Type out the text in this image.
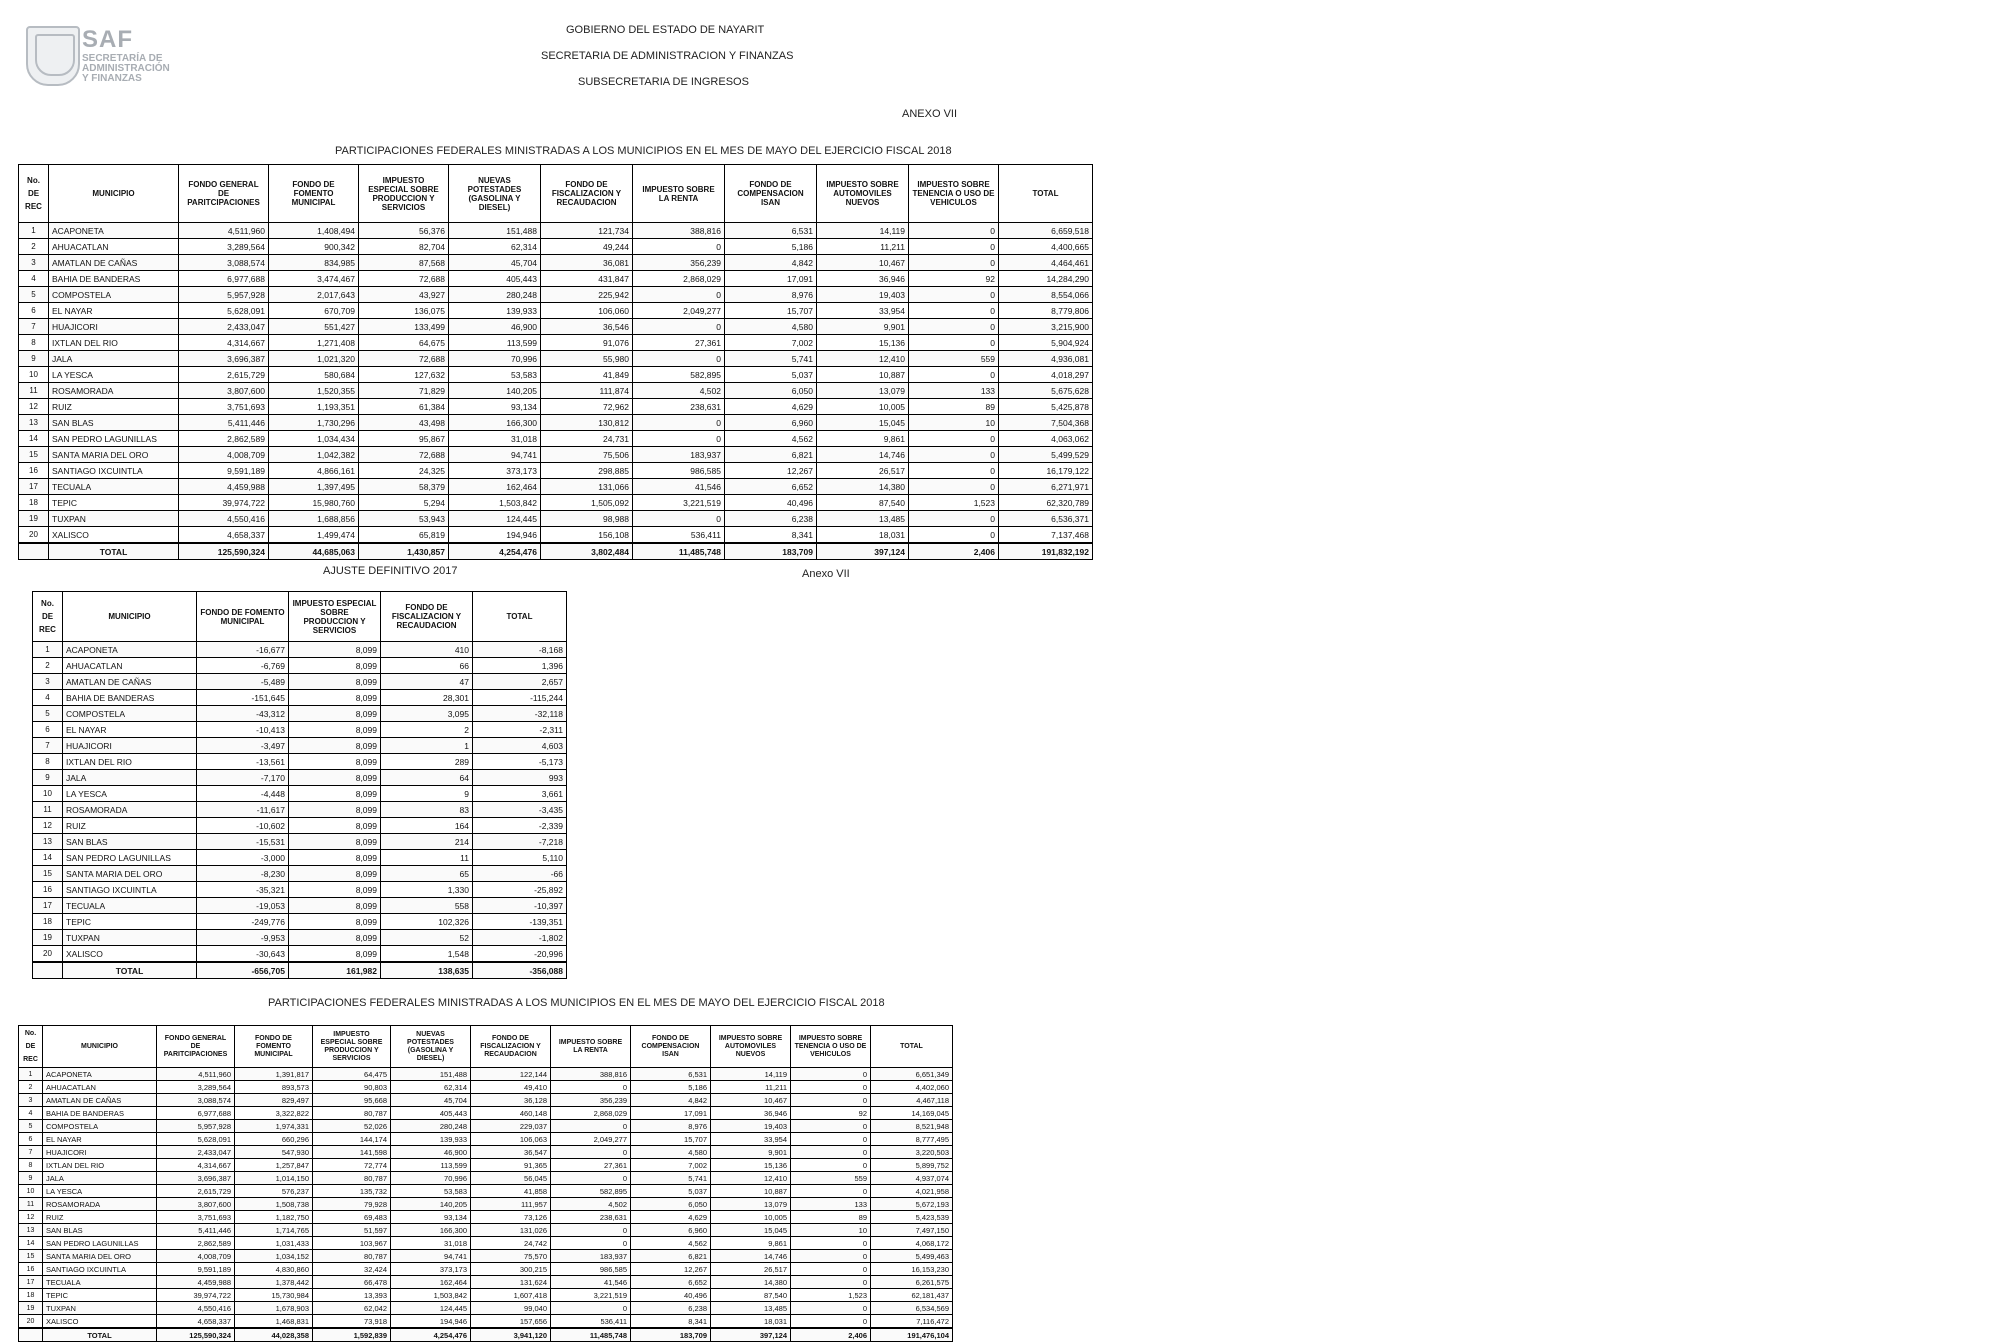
SAF
SECRETARÍA DE
ADMINISTRACIÓN
Y FINANZAS
GOBIERNO DEL ESTADO DE NAYARIT
SECRETARIA DE ADMINISTRACION Y FINANZAS
SUBSECRETARIA DE INGRESOS
ANEXO VII
PARTICIPACIONES FEDERALES MINISTRADAS A LOS MUNICIPIOS EN EL MES DE MAYO DEL EJERCICIO FISCAL 2018
No.
DE
REC	MUNICIPIO	FONDO GENERAL DE PARITCIPACIONES	FONDO DE FOMENTO MUNICIPAL	IMPUESTO ESPECIAL SOBRE PRODUCCION Y SERVICIOS	NUEVAS POTESTADES (GASOLINA Y DIESEL)	FONDO DE FISCALIZACION Y RECAUDACION	IMPUESTO SOBRE LA RENTA	FONDO DE COMPENSACION ISAN	IMPUESTO SOBRE AUTOMOVILES NUEVOS	IMPUESTO SOBRE TENENCIA O USO DE VEHICULOS	TOTAL
1	ACAPONETA	4,511,960	1,408,494	56,376	151,488	121,734	388,816	6,531	14,119	0	6,659,518
2	AHUACATLAN	3,289,564	900,342	82,704	62,314	49,244	0	5,186	11,211	0	4,400,665
3	AMATLAN DE CAÑAS	3,088,574	834,985	87,568	45,704	36,081	356,239	4,842	10,467	0	4,464,461
4	BAHIA DE BANDERAS	6,977,688	3,474,467	72,688	405,443	431,847	2,868,029	17,091	36,946	92	14,284,290
5	COMPOSTELA	5,957,928	2,017,643	43,927	280,248	225,942	0	8,976	19,403	0	8,554,066
6	EL NAYAR	5,628,091	670,709	136,075	139,933	106,060	2,049,277	15,707	33,954	0	8,779,806
7	HUAJICORI	2,433,047	551,427	133,499	46,900	36,546	0	4,580	9,901	0	3,215,900
8	IXTLAN DEL RIO	4,314,667	1,271,408	64,675	113,599	91,076	27,361	7,002	15,136	0	5,904,924
9	JALA	3,696,387	1,021,320	72,688	70,996	55,980	0	5,741	12,410	559	4,936,081
10	LA YESCA	2,615,729	580,684	127,632	53,583	41,849	582,895	5,037	10,887	0	4,018,297
11	ROSAMORADA	3,807,600	1,520,355	71,829	140,205	111,874	4,502	6,050	13,079	133	5,675,628
12	RUIZ	3,751,693	1,193,351	61,384	93,134	72,962	238,631	4,629	10,005	89	5,425,878
13	SAN BLAS	5,411,446	1,730,296	43,498	166,300	130,812	0	6,960	15,045	10	7,504,368
14	SAN PEDRO LAGUNILLAS	2,862,589	1,034,434	95,867	31,018	24,731	0	4,562	9,861	0	4,063,062
15	SANTA MARIA DEL ORO	4,008,709	1,042,382	72,688	94,741	75,506	183,937	6,821	14,746	0	5,499,529
16	SANTIAGO IXCUINTLA	9,591,189	4,866,161	24,325	373,173	298,885	986,585	12,267	26,517	0	16,179,122
17	TECUALA	4,459,988	1,397,495	58,379	162,464	131,066	41,546	6,652	14,380	0	6,271,971
18	TEPIC	39,974,722	15,980,760	5,294	1,503,842	1,505,092	3,221,519	40,496	87,540	1,523	62,320,789
19	TUXPAN	4,550,416	1,688,856	53,943	124,445	98,988	0	6,238	13,485	0	6,536,371
20	XALISCO	4,658,337	1,499,474	65,819	194,946	156,108	536,411	8,341	18,031	0	7,137,468
	TOTAL	125,590,324	44,685,063	1,430,857	4,254,476	3,802,484	11,485,748	183,709	397,124	2,406	191,832,192
AJUSTE DEFINITIVO 2017	Anexo VII
No.
DE
REC	MUNICIPIO	FONDO DE FOMENTO MUNICIPAL	IMPUESTO ESPECIAL SOBRE PRODUCCION Y SERVICIOS	FONDO DE FISCALIZACION Y RECAUDACION	TOTAL
1	ACAPONETA	-16,677	8,099	410	-8,168
2	AHUACATLAN	-6,769	8,099	66	1,396
3	AMATLAN DE CAÑAS	-5,489	8,099	47	2,657
4	BAHIA DE BANDERAS	-151,645	8,099	28,301	-115,244
5	COMPOSTELA	-43,312	8,099	3,095	-32,118
6	EL NAYAR	-10,413	8,099	2	-2,311
7	HUAJICORI	-3,497	8,099	1	4,603
8	IXTLAN DEL RIO	-13,561	8,099	289	-5,173
9	JALA	-7,170	8,099	64	993
10	LA YESCA	-4,448	8,099	9	3,661
11	ROSAMORADA	-11,617	8,099	83	-3,435
12	RUIZ	-10,602	8,099	164	-2,339
13	SAN BLAS	-15,531	8,099	214	-7,218
14	SAN PEDRO LAGUNILLAS	-3,000	8,099	11	5,110
15	SANTA MARIA DEL ORO	-8,230	8,099	65	-66
16	SANTIAGO IXCUINTLA	-35,321	8,099	1,330	-25,892
17	TECUALA	-19,053	8,099	558	-10,397
18	TEPIC	-249,776	8,099	102,326	-139,351
19	TUXPAN	-9,953	8,099	52	-1,802
20	XALISCO	-30,643	8,099	1,548	-20,996
	TOTAL	-656,705	161,982	138,635	-356,088
PARTICIPACIONES FEDERALES MINISTRADAS A LOS MUNICIPIOS EN EL MES DE MAYO DEL EJERCICIO FISCAL 2018
No.
DE
REC	MUNICIPIO	FONDO GENERAL DE PARITCIPACIONES	FONDO DE FOMENTO MUNICIPAL	IMPUESTO ESPECIAL SOBRE PRODUCCION Y SERVICIOS	NUEVAS POTESTADES (GASOLINA Y DIESEL)	FONDO DE FISCALIZACION Y RECAUDACION	IMPUESTO SOBRE LA RENTA	FONDO DE COMPENSACION ISAN	IMPUESTO SOBRE AUTOMOVILES NUEVOS	IMPUESTO SOBRE TENENCIA O USO DE VEHICULOS	TOTAL
1	ACAPONETA	4,511,960	1,391,817	64,475	151,488	122,144	388,816	6,531	14,119	0	6,651,349
2	AHUACATLAN	3,289,564	893,573	90,803	62,314	49,410	0	5,186	11,211	0	4,402,060
3	AMATLAN DE CAÑAS	3,088,574	829,497	95,668	45,704	36,128	356,239	4,842	10,467	0	4,467,118
4	BAHIA DE BANDERAS	6,977,688	3,322,822	80,787	405,443	460,148	2,868,029	17,091	36,946	92	14,169,045
5	COMPOSTELA	5,957,928	1,974,331	52,026	280,248	229,037	0	8,976	19,403	0	8,521,948
6	EL NAYAR	5,628,091	660,296	144,174	139,933	106,063	2,049,277	15,707	33,954	0	8,777,495
7	HUAJICORI	2,433,047	547,930	141,598	46,900	36,547	0	4,580	9,901	0	3,220,503
8	IXTLAN DEL RIO	4,314,667	1,257,847	72,774	113,599	91,365	27,361	7,002	15,136	0	5,899,752
9	JALA	3,696,387	1,014,150	80,787	70,996	56,045	0	5,741	12,410	559	4,937,074
10	LA YESCA	2,615,729	576,237	135,732	53,583	41,858	582,895	5,037	10,887	0	4,021,958
11	ROSAMORADA	3,807,600	1,508,738	79,928	140,205	111,957	4,502	6,050	13,079	133	5,672,193
12	RUIZ	3,751,693	1,182,750	69,483	93,134	73,126	238,631	4,629	10,005	89	5,423,539
13	SAN BLAS	5,411,446	1,714,765	51,597	166,300	131,026	0	6,960	15,045	10	7,497,150
14	SAN PEDRO LAGUNILLAS	2,862,589	1,031,433	103,967	31,018	24,742	0	4,562	9,861	0	4,068,172
15	SANTA MARIA DEL ORO	4,008,709	1,034,152	80,787	94,741	75,570	183,937	6,821	14,746	0	5,499,463
16	SANTIAGO IXCUINTLA	9,591,189	4,830,860	32,424	373,173	300,215	986,585	12,267	26,517	0	16,153,230
17	TECUALA	4,459,988	1,378,442	66,478	162,464	131,624	41,546	6,652	14,380	0	6,261,575
18	TEPIC	39,974,722	15,730,984	13,393	1,503,842	1,607,418	3,221,519	40,496	87,540	1,523	62,181,437
19	TUXPAN	4,550,416	1,678,903	62,042	124,445	99,040	0	6,238	13,485	0	6,534,569
20	XALISCO	4,658,337	1,468,831	73,918	194,946	157,656	536,411	8,341	18,031	0	7,116,472
	TOTAL	125,590,324	44,028,358	1,592,839	4,254,476	3,941,120	11,485,748	183,709	397,124	2,406	191,476,104
